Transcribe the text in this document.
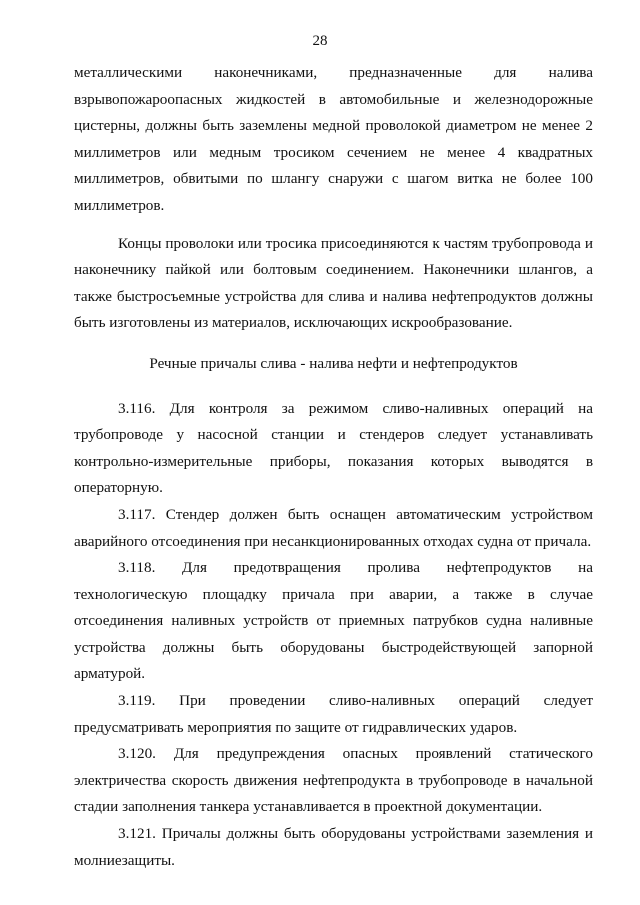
28

металлическими наконечниками, предназначенные для налива взрывопожароопасных жидкостей в автомобильные и железнодорожные цистерны, должны быть заземлены медной проволокой диаметром не менее 2 миллиметров или медным тросиком сечением не менее 4 квадратных миллиметров, обвитыми по шлангу снаружи с шагом витка не более 100 миллиметров.

Концы проволоки или тросика присоединяются к частям трубопровода и наконечнику пайкой или болтовым соединением. Наконечники шлангов, а также быстросъемные устройства для слива и налива нефтепродуктов должны быть изготовлены из материалов, исключающих искрообразование.

Речные причалы слива - налива нефти и нефтепродуктов

3.116. Для контроля за режимом сливо-наливных операций на трубопроводе у насосной станции и стендеров следует устанавливать контрольно-измерительные приборы, показания которых выводятся в операторную.

3.117. Стендер должен быть оснащен автоматическим устройством аварийного отсоединения при несанкционированных отходах судна от причала.

3.118. Для предотвращения пролива нефтепродуктов на технологическую площадку причала при аварии, а также в случае отсоединения наливных устройств от приемных патрубков судна наливные устройства должны быть оборудованы быстродействующей запорной арматурой.

3.119. При проведении сливо-наливных операций следует предусматривать мероприятия по защите от гидравлических ударов.

3.120. Для предупреждения опасных проявлений статического электричества скорость движения нефтепродукта в трубопроводе в начальной стадии заполнения танкера устанавливается в проектной документации.

3.121. Причалы должны быть оборудованы устройствами заземления и молниезащиты.
